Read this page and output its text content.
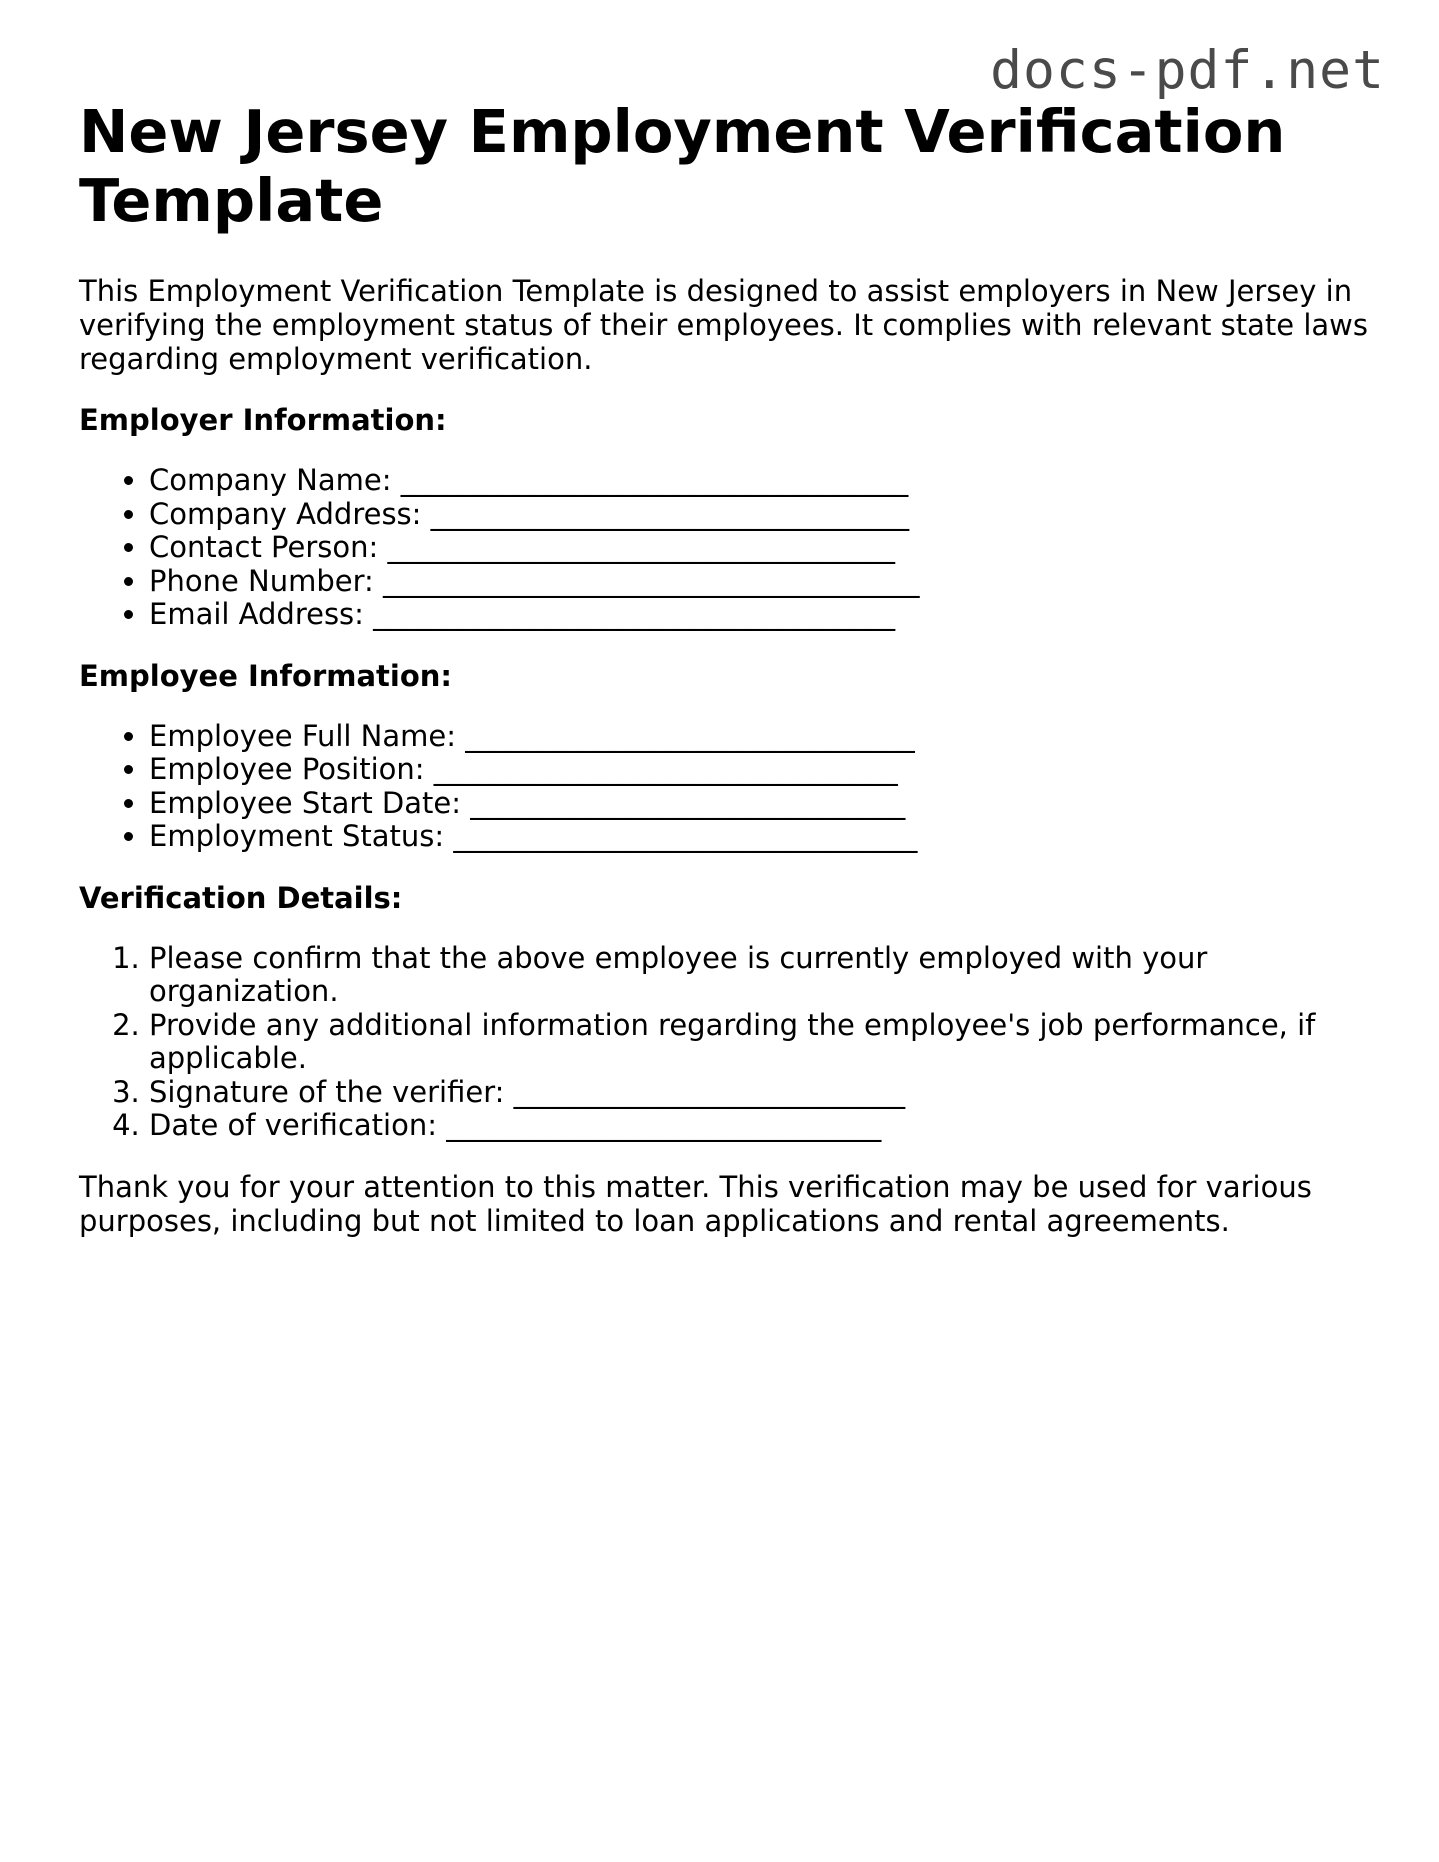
docs-pdf.net
New Jersey Employment Verification Template

This Employment Verification Template is designed to assist employers in New Jersey in verifying the employment status of their employees. It complies with relevant state laws regarding employment verification.

Employer Information:
• Company Name: ___________________________________
• Company Address: _________________________________
• Contact Person: ___________________________________
• Phone Number: _____________________________________
• Email Address: ____________________________________
Employee Information:
• Employee Full Name: _______________________________
• Employee Position: ________________________________
• Employee Start Date: ______________________________
• Employment Status: ________________________________
Verification Details:
1. Please confirm that the above employee is currently employed with your organization.
2. Provide any additional information regarding the employee's job performance, if applicable.
3. Signature of the verifier: ___________________________
4. Date of verification: ______________________________

Thank you for your attention to this matter. This verification may be used for various purposes, including but not limited to loan applications and rental agreements.
